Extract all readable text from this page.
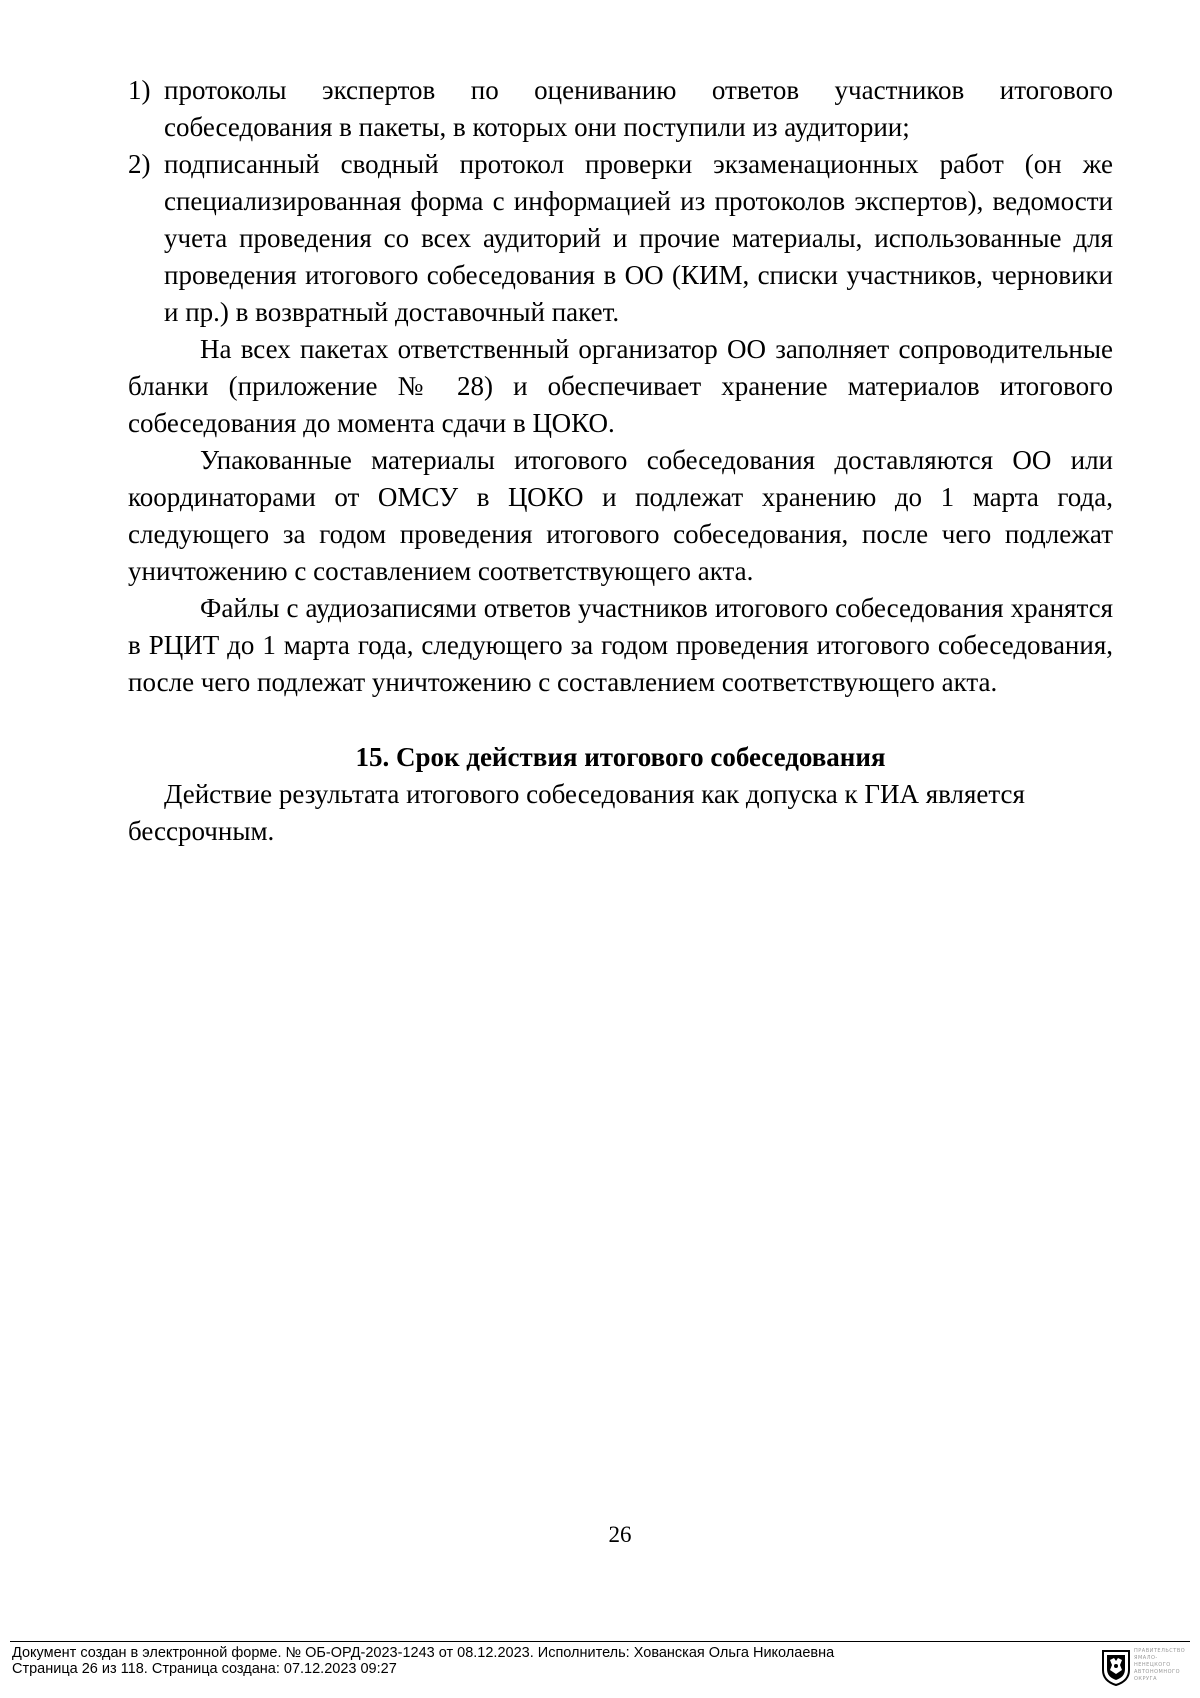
1) протоколы экспертов по оцениванию ответов участников итогового собеседования в пакеты, в которых они поступили из аудитории;
2) подписанный сводный протокол проверки экзаменационных работ (он же специализированная форма с информацией из протоколов экспертов), ведомости учета проведения со всех аудиторий и прочие материалы, использованные для проведения итогового собеседования в ОО (КИМ, списки участников, черновики и пр.) в возвратный доставочный пакет.
На всех пакетах ответственный организатор ОО заполняет сопроводительные бланки (приложение № 28) и обеспечивает хранение материалов итогового собеседования до момента сдачи в ЦОКО.
Упакованные материалы итогового собеседования доставляются ОО или координаторами от ОМСУ в ЦОКО и подлежат хранению до 1 марта года, следующего за годом проведения итогового собеседования, после чего подлежат уничтожению с составлением соответствующего акта.
Файлы с аудиозаписями ответов участников итогового собеседования хранятся в РЦИТ до 1 марта года, следующего за годом проведения итогового собеседования, после чего подлежат уничтожению с составлением соответствующего акта.
15. Срок действия итогового собеседования
Действие результата итогового собеседования как допуска к ГИА является бессрочным.
26
Документ создан в электронной форме. № ОБ-ОРД-2023-1243 от 08.12.2023. Исполнитель: Хованская Ольга Николаевна
Страница 26 из 118. Страница создана: 07.12.2023 09:27
ПРАВИТЕЛЬСТВО ЯМАЛО-НЕНЕЦКОГО АВТОНОМНОГО ОКРУГА
